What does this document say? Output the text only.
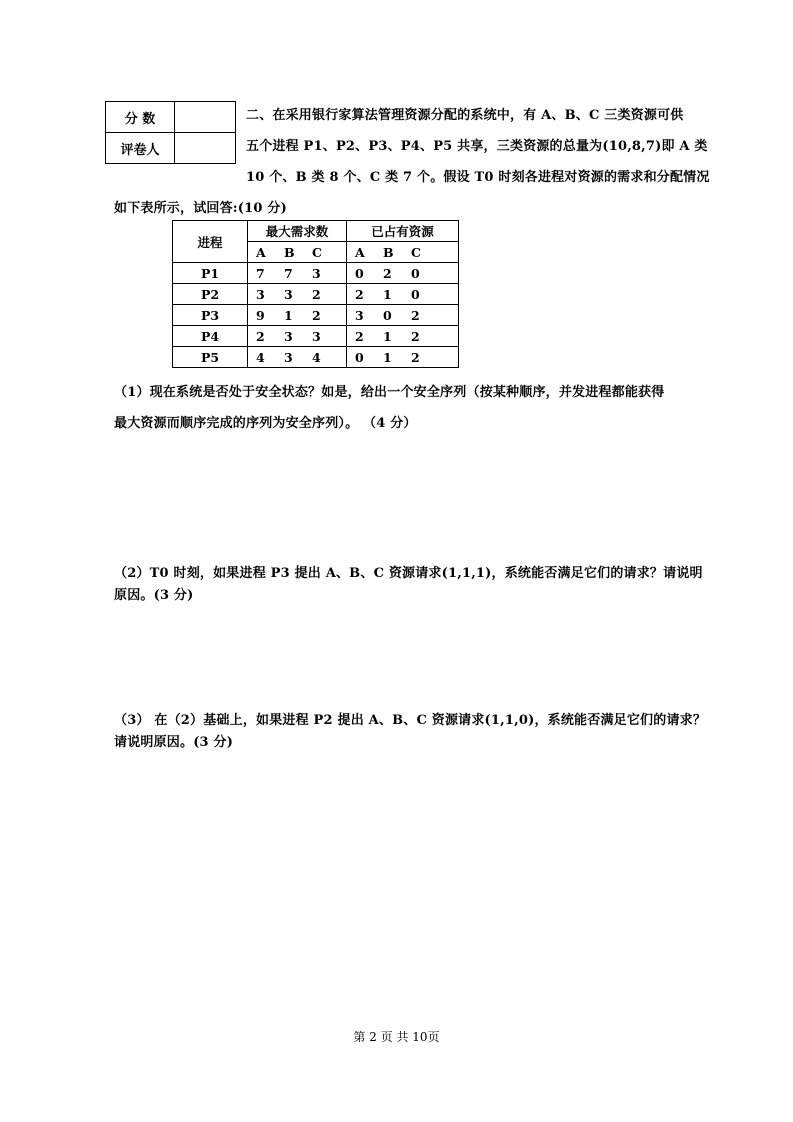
分 数	
评卷人	
二、在采用银行家算法管理资源分配的系统中，有 A、B、C 三类资源可供
五个进程 P1、P2、P3、P4、P5 共享，三类资源的总量为(10,8,7)即 A 类
10 个、B 类 8 个、C 类 7 个。假设 T0 时刻各进程对资源的需求和分配情况
如下表所示，试回答:(10 分)
进程	最大需求数	已占有资源

	A B C	A B C

P1	7 7 3	0 2 0

P2	3 3 2	2 1 0

P3	9 1 2	3 0 2

P4	2 3 3	2 1 2

P5	4 3 4	0 1 2
（1）现在系统是否处于安全状态？如是，给出一个安全序列（按某种顺序，并发进程都能获得
最大资源而顺序完成的序列为安全序列）。 （4 分）
（2）T0 时刻，如果进程 P3 提出 A、B、C 资源请求(1,1,1)，系统能否满足它们的请求？请说明
原因。(3 分)
（3） 在（2）基础上，如果进程 P2 提出 A、B、C 资源请求(1,1,0)，系统能否满足它们的请求？
请说明原因。(3 分)
第 2 页 共 10页
